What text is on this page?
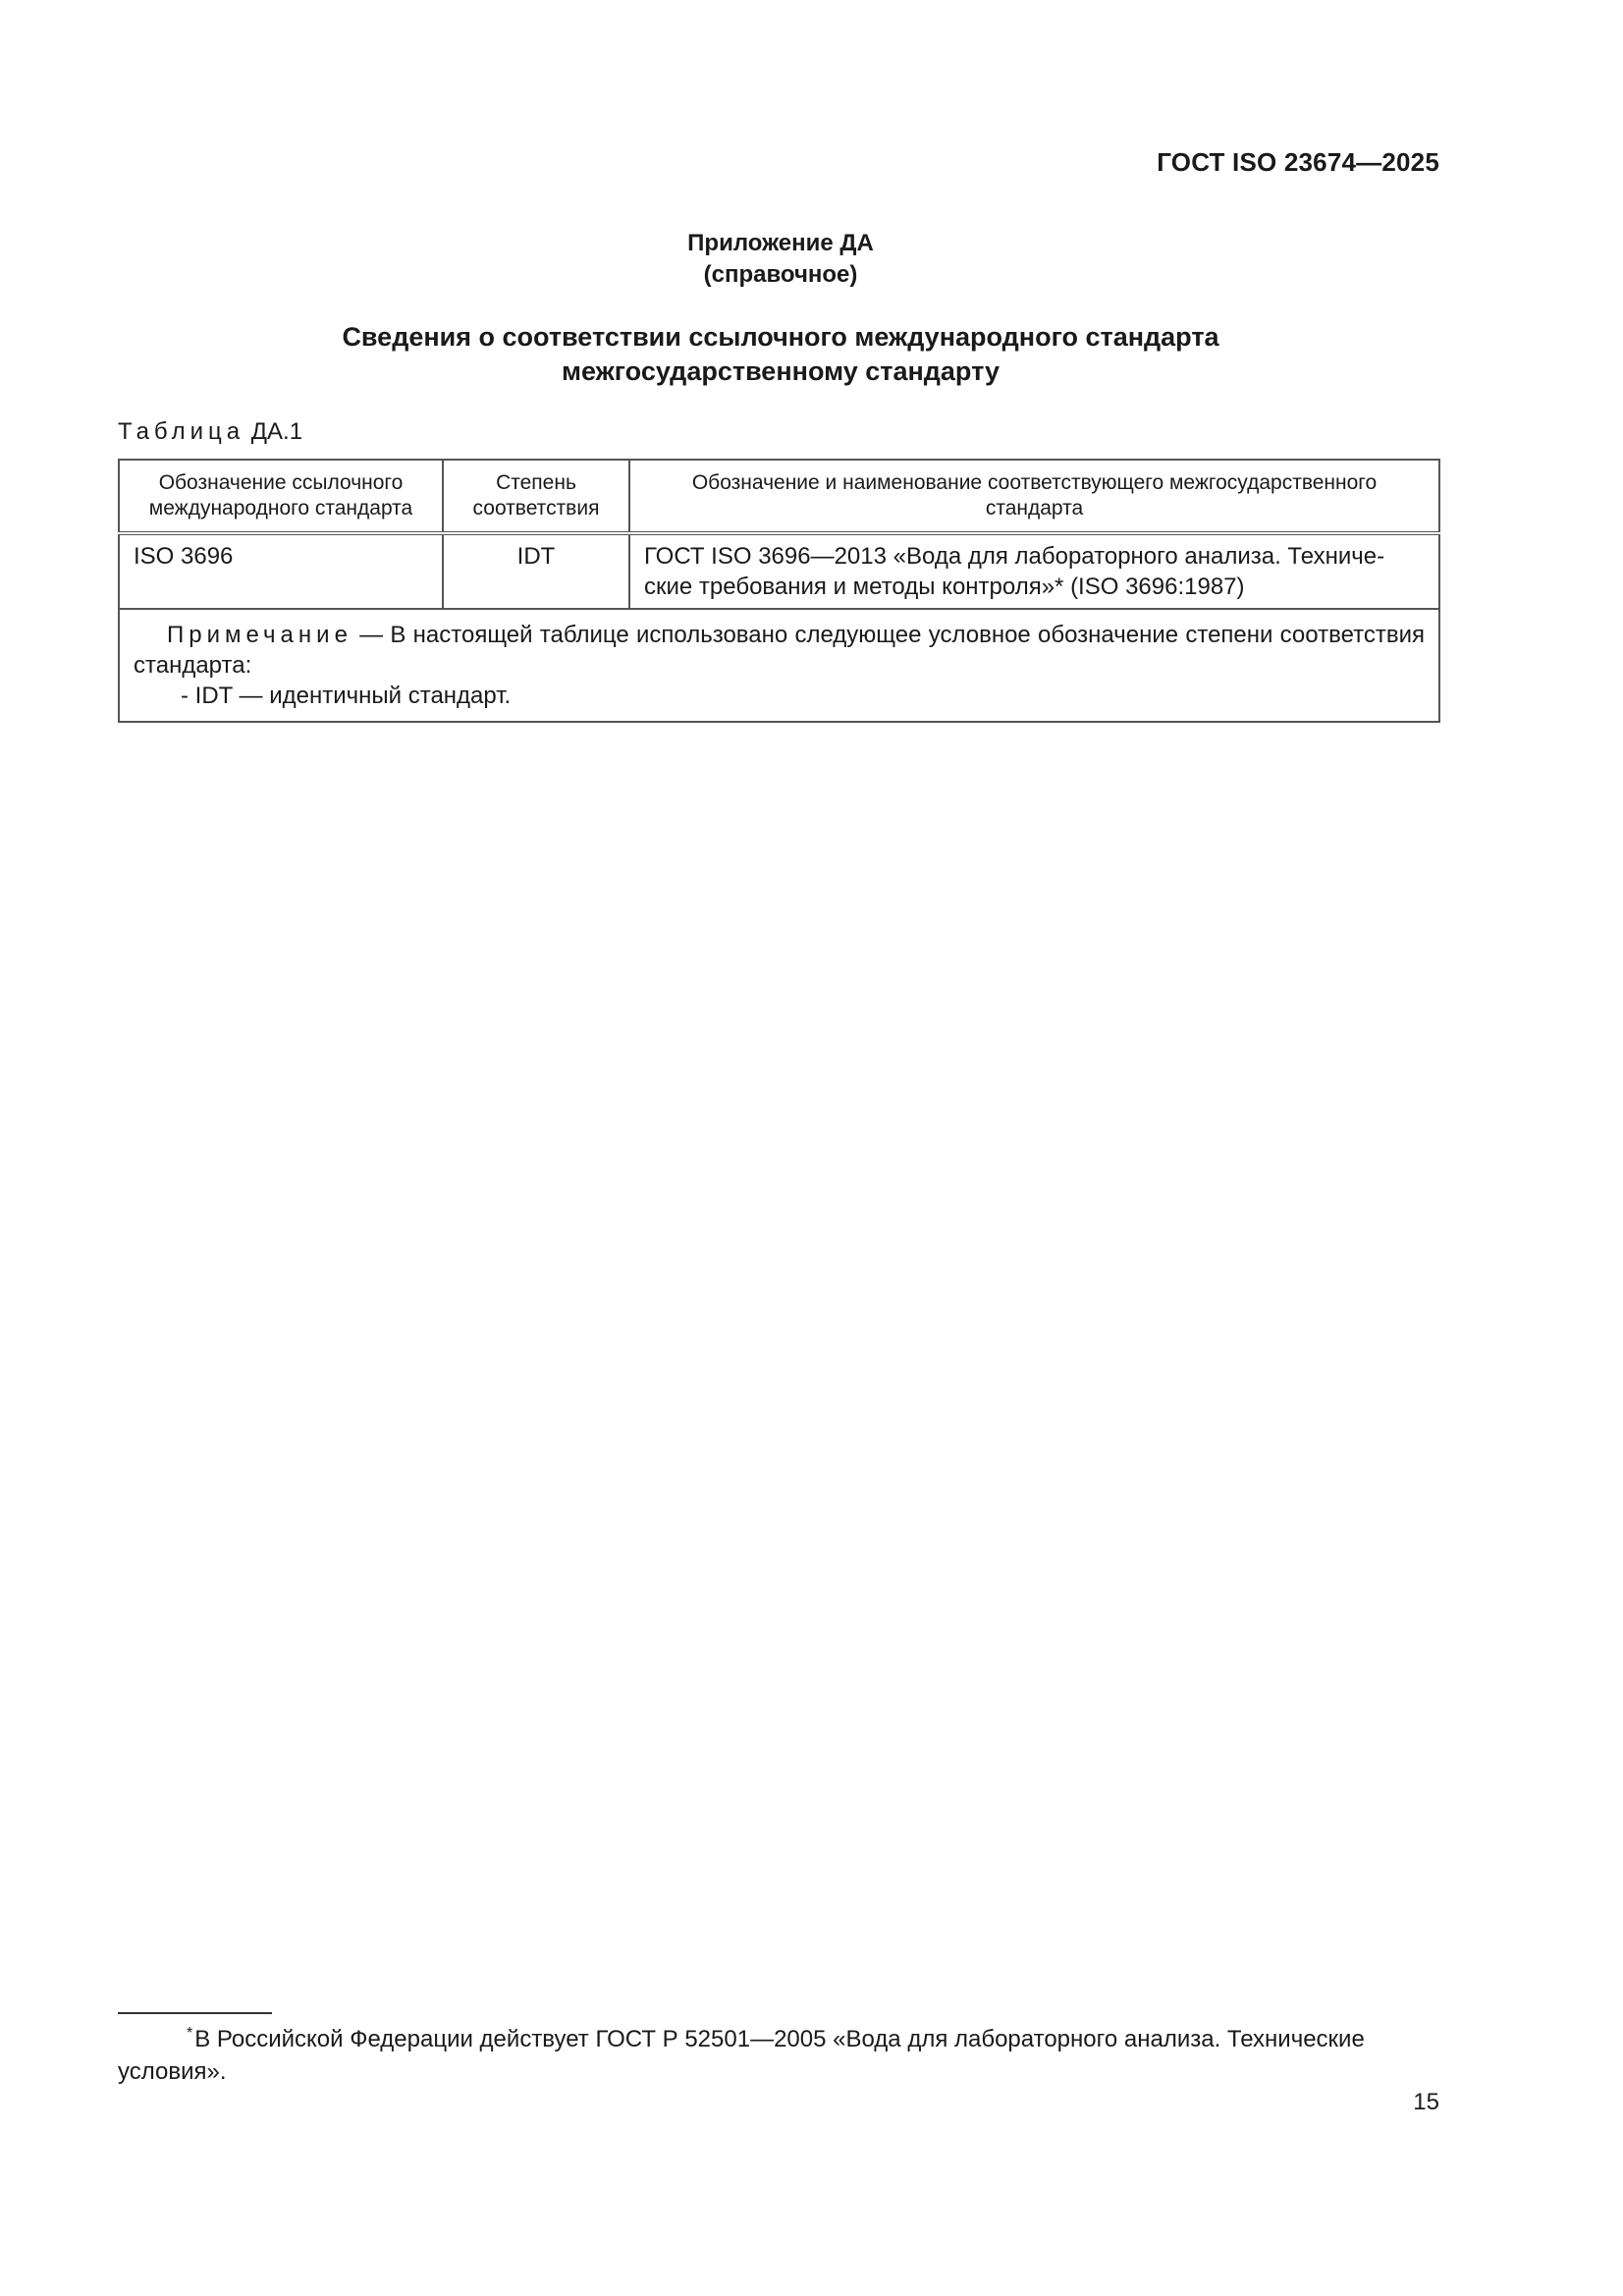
ГОСТ ISO 23674—2025
Приложение ДА
(справочное)
Сведения о соответствии ссылочного международного стандарта
межгосударственному стандарту
Таблица ДА.1
Обозначение ссылочного международного стандарта	Степень соответствия	Обозначение и наименование соответствующего межгосударственного стандарта
ISO 3696	IDT	ГОСТ ISO 3696—2013 «Вода для лабораторного анализа. Техниче-ские требования и методы контроля»* (ISO 3696:1987)

Примечание — В настоящей таблице использовано следующее условное обозначение степени соответствия стандарта:
- IDT — идентичный стандарт.		
*В Российской Федерации действует ГОСТ Р 52501—2005 «Вода для лабораторного анализа. Технические условия».
15
